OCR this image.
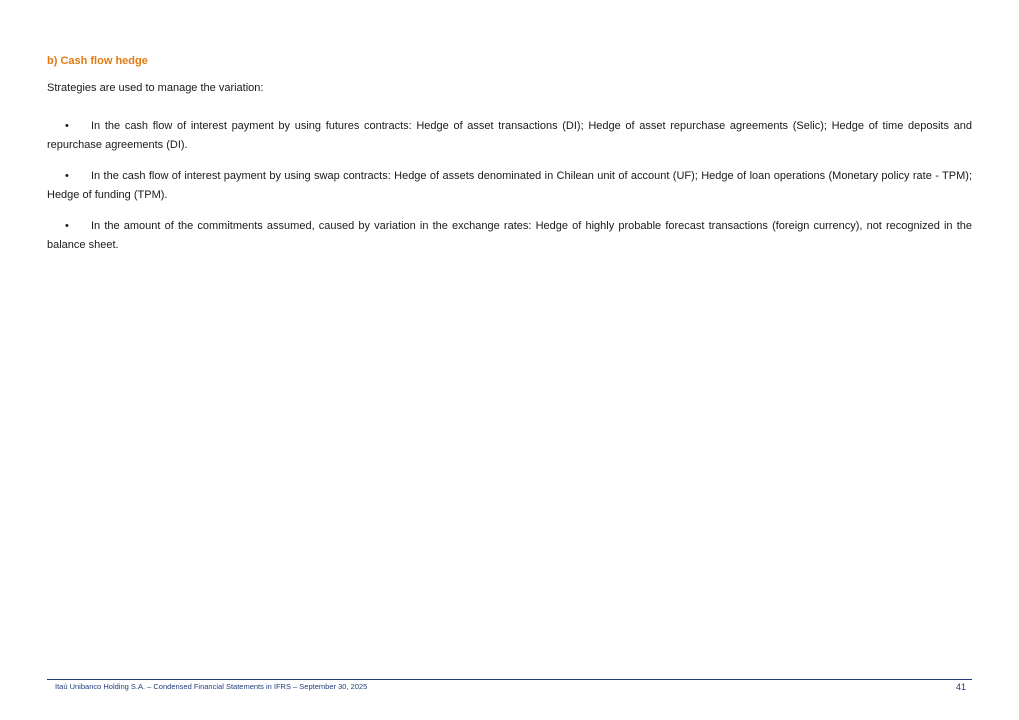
b) Cash flow hedge

Strategies are used to manage the variation:

• In the cash flow of interest payment by using futures contracts: Hedge of asset transactions (DI); Hedge of asset repurchase agreements (Selic); Hedge of time deposits and repurchase agreements (DI).
• In the cash flow of interest payment by using swap contracts: Hedge of assets denominated in Chilean unit of account (UF); Hedge of loan operations (Monetary policy rate - TPM); Hedge of funding (TPM).
• In the amount of the commitments assumed, caused by variation in the exchange rates: Hedge of highly probable forecast transactions (foreign currency), not recognized in the balance sheet.

Itaú Unibanco Holding S.A. – Condensed Financial Statements in IFRS – September 30, 2025	41
